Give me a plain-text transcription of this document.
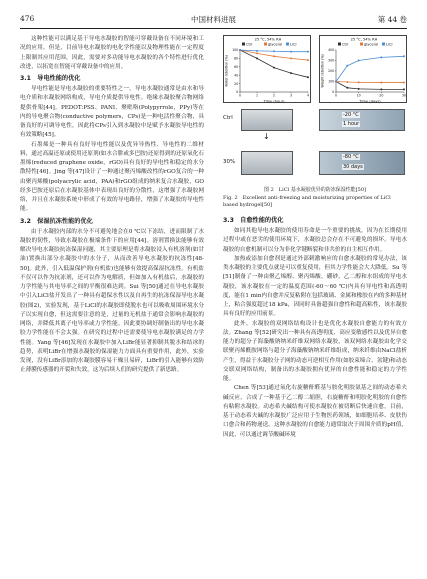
476	中国材料进展	第 44 卷

这种性能可以满足基于导电水凝胶的智能可穿戴设备在不同环境和工况的应用。但是，目前导电水凝胶的电化学性能以及物理性能在一定程度上限制其应用范围，因此，需要对多功能导电水凝胶的各个特性进行优化改进，以拓宽在智能可穿戴设备中的应用。

3.1　导电性能的优化

导电性能是导电水凝胶的重要特性之一，导电水凝胶通常是由水和导电介质和水凝胶网络构成，导电介质提供导电性。绝缘水凝胶聚合物网络提供骨架[44]。PEDOT:PSS、PANI、聚吡咯(Polypyrrole，PPy)等在内的导电聚合物(conductive polymers，CPs)是一种电活性聚合物，具备良好的可调导电性，因此将CPs引入到水凝胶中是赋予水凝胶导电性的有效策略[45]。

石墨烯是一种具有良好导电性能以及优异导热性、导电性的二维材料，通过高温还原或使用还原剂(如水合肼或多巴胺)还原得到的还原氧化石墨烯(reduced graphene oxide，rGO)具有良好的导电性和稳定的水分散特性[46]。Jing 等[47]设计了一种通过聚丙烯酸改性的rGO复合的一种由聚丙烯酸(polyacrylic acid，PAA)和rGO组成的纳米复合水凝胶，GO经多巴胺还原后在水凝胶基体中表现出良好的分散性，这增强了水凝胶网络，并且在水凝胶系统中形成了有效的导电路径，增强了水凝胶的导电性能。

3.2　保湿抗冻性能的优化

由于水凝胶内部的水分不可避免地会在0 ℃以下冻结，进而限制了水凝胶的韧性，导致水凝胶在极端条件下的应用[44]。溶剂置换法能够有效解决导电水凝胶抗冻保湿问题，其主要原理是将水凝胶浸入有机溶剂(如甘油)置换出部分水凝胶中的水分子，从而改善导电水凝胶的抗冻性[48-50]。此外，引入低温保护剂(有机盐)也能够有效提高保湿抗冻性。有机盐不仅可以作为抗冻剂，还可以作为电解质，但如加入有机盐后，水凝胶的力学性能与其电导率之间的平衡很难达到。Sui 等[50]通过在导电水凝胶中引入LiCl盐开发出了一种具有超保水性以及自再生的抗冻保湿导电水凝胶(图2)，实验发现，基于LiCl的水凝胶即使脱水也可以吸收周围环境水分子以实现自愈，但这需要注意的是，过量的无机盐于通常会影响水凝胶的网络，并降低其离子电导率或力学性能。因此要协调好制备出的导电水凝胶力学性能在不会太强。在研究的过程中还需要使导电水凝胶满足的力学性能。Yang 等[46]发现在水凝胶中加入LiBr能显著抑制其脱水和结冰的趋势，表明LiBr在增强水凝胶的保湿能力方面具有重要作用，此外，实验发现，没有LiBr添加的水凝胶膜容易干燥且易碎，LiBr的引入能够有效防止薄膜传感器的开裂和失效，这为后续人们的研究提供了新思路。

25 °C, 54% RH
Ctrl	glycerol LiCl
0
20
40
60
80
100
0	1	2	3	4
Time (hour)
Water retention (%)
25 °C, 54% RH
Ctrl	glycerol LiCl
0
100
200
300
400
0	10	20	30
Time (days)
Weight retention (%)
Ctrl
↓
-20 °C
1 hour
30%
-80 °C
30 days
图 2　LiCl 基水凝胶优异的防冻保湿性能[50]
Fig. 2　Excellent anti-freezing and moisturizing properties of LiCl based hydrogel[50]
3.3　自愈性能的优化

如同其他导电水凝胶的使用寿命是一个重要的挑战，因为在长期使用过程中或在恶劣的使用环境下，水凝胶总会存在不可避免的损坏。导电水凝胶的自愈机制可以分为非化学键断裂和非共价的自主相互作用。

加热或添加自愈剂是通过外部刺激响应的自愈水凝胶的常见办法，该类水凝胶的主要优点就是可以重复使用，但其力学性能会大大降低。Su 等[51]制备了一种由聚乙烯醇、聚丙烯酸、硼砂、乙二醇和水组成的导电水凝胶，该水凝胶在一定的温度范围(-60～60 ℃)内具有导电性和高透明度，能在1 min内自愈并反复粘附在包括玻璃、金属和橡胶在内的多种基材上，粘合强度超过18 kPa，因同时具备超强自愈性和超高粘性，该水凝胶具有良好的应用前景。

此外，水凝胶的双网络结构设计也是优化水凝胶自愈能力的有效方法。Zhang 等[52]研究出一种具有高透明度、高应变敏感性以及优异自愈能力的超分子海藻酸钠纳米纤维双网络水凝胶，该双网络水凝胶由化学交联聚丙烯酰胺网络与超分子海藻酸钠纳米纤维组成，纳米纤维由NaCl盐析产生，得益于水凝胶分子网的动态可逆相互作用(如胶束缔合、氢键)和动态交联双网络结构，制备出的水凝胶拥有优异的自愈性能和稳定的力学性能。

Chen 等[53]通过氧化右旋糖酐醛基与胺化明胶氨基之间的动态希夫碱反应，合成了一种基于乙二醇二缩胆，右旋糖酐和明胶化明胶的自愈性有粘附水凝胶。动态希夫碱结构可使水凝胶在被切断后快速自愈，目前，基于动态希夫碱的水凝胶广泛应用于生物医药领域，如细胞培养、皮肤伤口愈合和药物递送。这种水凝胶的自愈能力通常取决于周围介质的pH值，因此，可以通过调节酸碱环境
